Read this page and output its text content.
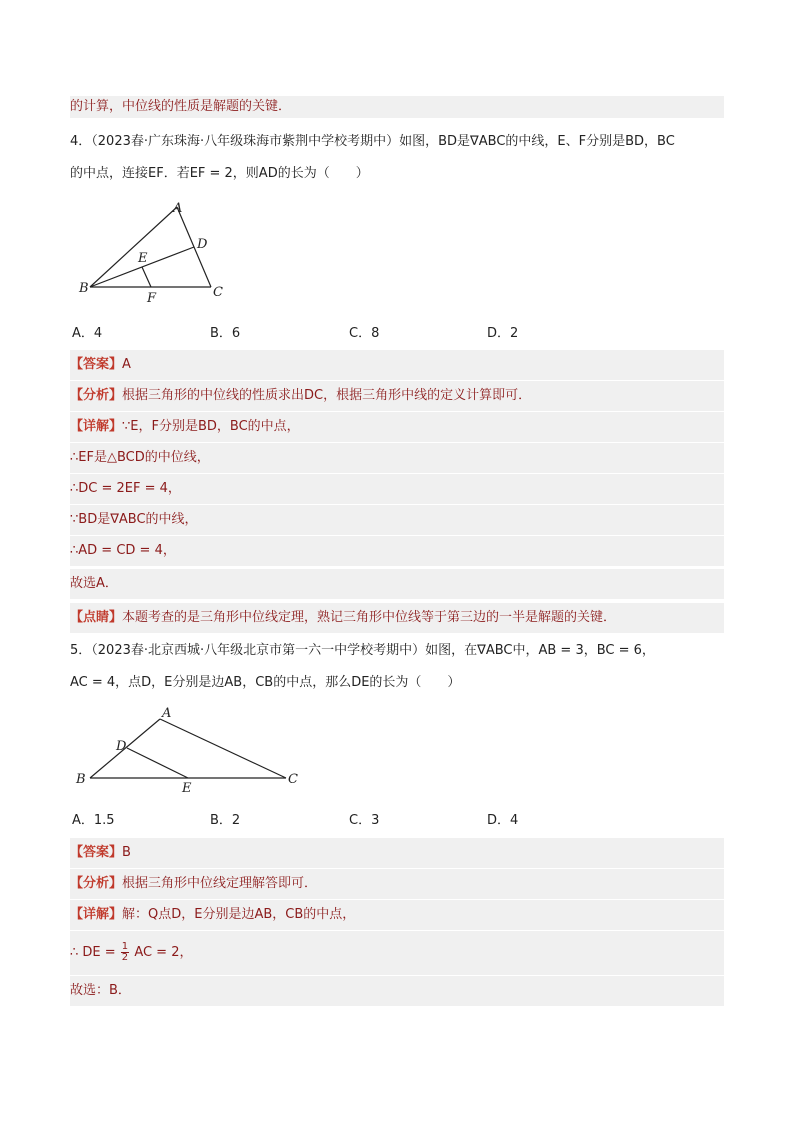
的计算，中位线的性质是解题的关键．
4．（2023春·广东珠海·八年级珠海市紫荆中学校考期中）如图，BD是∇ABC的中线，E、F分别是BD，BC
的中点，连接EF．若EF = 2，则AD的长为（　　）
A
B	C
D
E
F
A．4	B．6	C．8	D．2
【答案】A
【分析】根据三角形的中位线的性质求出DC，根据三角形中线的定义计算即可．
【详解】∵E，F分别是BD，BC的中点，
∴EF是△BCD的中位线，
∴DC = 2EF = 4，
∵BD是∇ABC的中线，
∴AD = CD = 4，
故选A．
【点睛】本题考查的是三角形中位线定理，熟记三角形中位线等于第三边的一半是解题的关键．
5．（2023春·北京西城·八年级北京市第一六一中学校考期中）如图，在∇ABC中，AB = 3，BC = 6，
AC = 4，点D，E分别是边AB，CB的中点，那么DE的长为（　　）
A
B	C
D
E
A．1.5	B．2	C．3	D．4
【答案】B
【分析】根据三角形中位线定理解答即可．
【详解】解：Q点D，E分别是边AB，CB的中点，
∴ DE = $\frac{1}{2}$ AC = 2，
故选：B．
